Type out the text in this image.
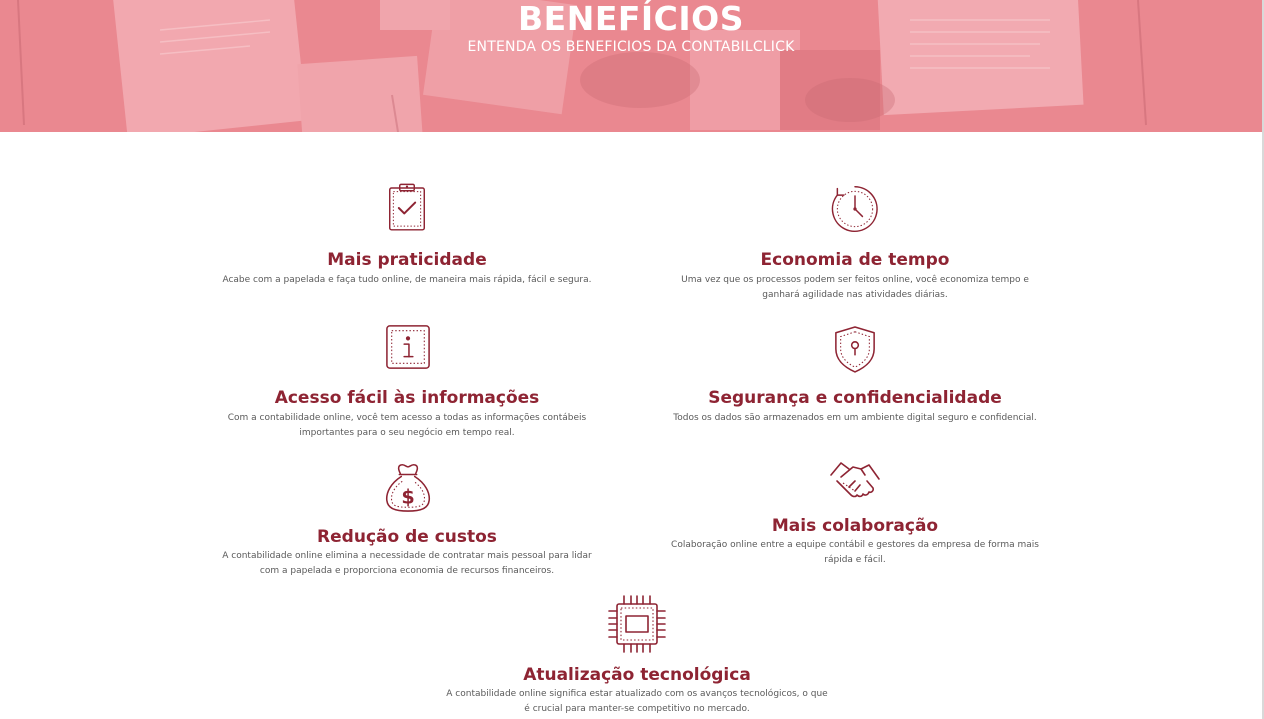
BENEFÍCIOS
ENTENDA OS BENEFICIOS DA CONTABILCLICK
Mais praticidade

Acabe com a papelada e faça tudo online, de maneira mais rápida, fácil e segura.

Economia de tempo

Uma vez que os processos podem ser feitos online, você economiza tempo e ganhará agilidade nas atividades diárias.

Acesso fácil às informações

Com a contabilidade online, você tem acesso a todas as informações contábeis importantes para o seu negócio em tempo real.

Segurança e confidencialidade

Todos os dados são armazenados em um ambiente digital seguro e confidencial.

$
Redução de custos

A contabilidade online elimina a necessidade de contratar mais pessoal para lidar com a papelada e proporciona economia de recursos financeiros.

Mais colaboração

Colaboração online entre a equipe contábil e gestores da empresa de forma mais rápida e fácil.

Atualização tecnológica

A contabilidade online significa estar atualizado com os avanços tecnológicos, o que é crucial para manter-se competitivo no mercado.
